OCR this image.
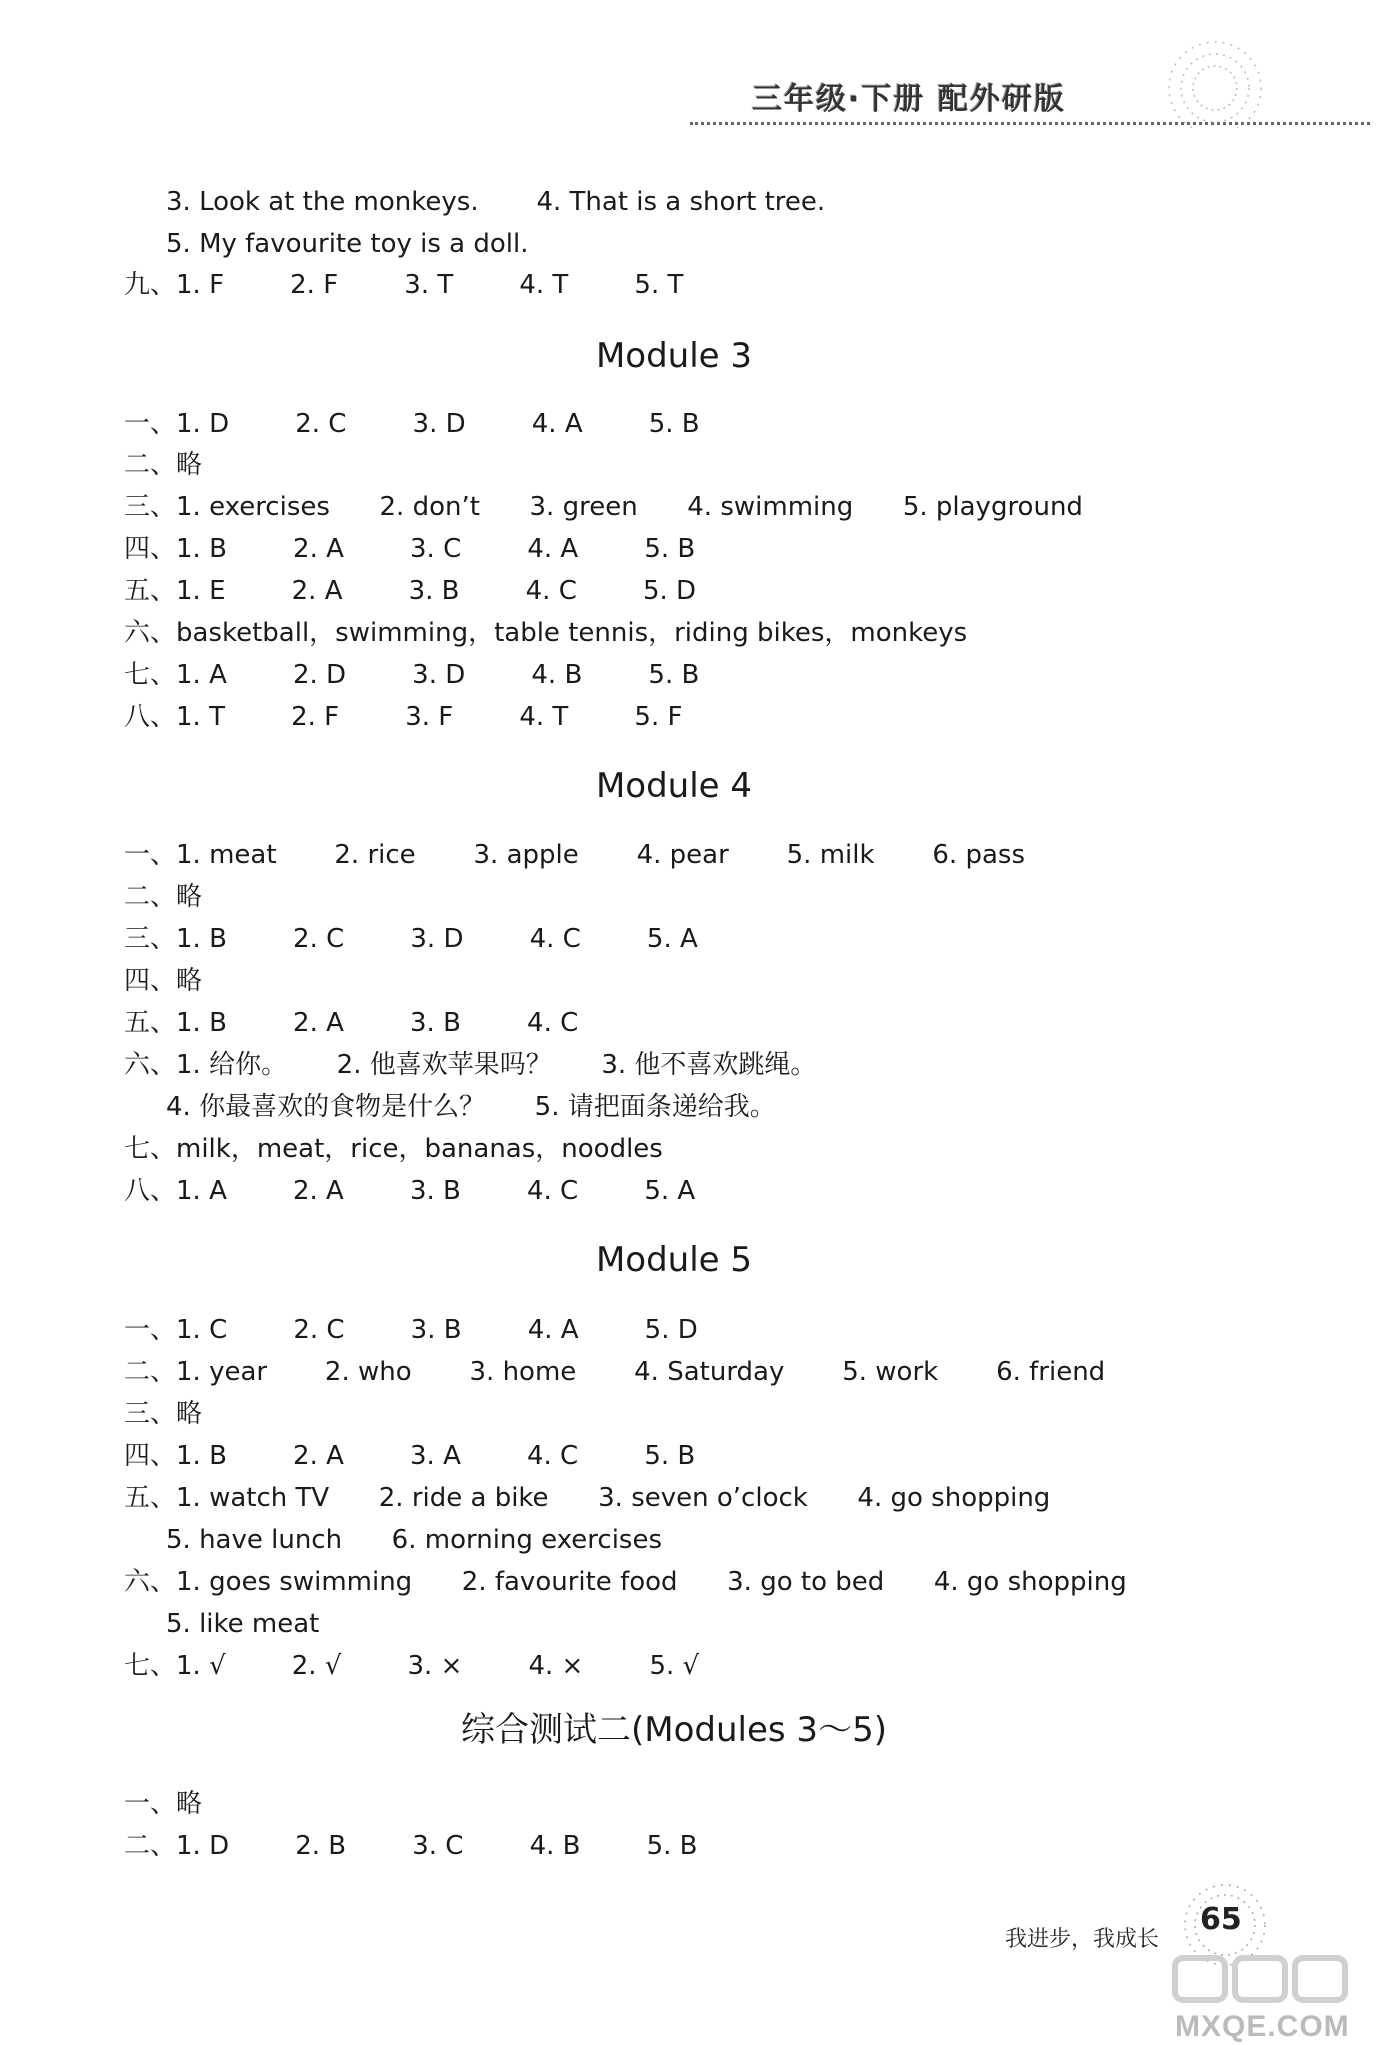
三年级·下册 配外研版
3. Look at the monkeys.       4. That is a short tree.
5. My favourite toy is a doll.
九、1. F        2. F        3. T        4. T        5. T
一、1. D        2. C        3. D        4. A        5. B
二、略
三、1. exercises      2. don’t      3. green      4. swimming      5. playground
四、1. B        2. A        3. C        4. A        5. B
五、1. E        2. A        3. B        4. C        5. D
六、basketball，swimming，table tennis，riding bikes，monkeys
七、1. A        2. D        3. D        4. B        5. B
八、1. T        2. F        3. F        4. T        5. F
一、1. meat       2. rice       3. apple       4. pear       5. milk       6. pass
二、略
三、1. B        2. C        3. D        4. C        5. A
四、略
五、1. B        2. A        3. B        4. C
六、1. 给你。      2. 他喜欢苹果吗？      3. 他不喜欢跳绳。
4. 你最喜欢的食物是什么？      5. 请把面条递给我。
七、milk，meat，rice，bananas，noodles
八、1. A        2. A        3. B        4. C        5. A
一、1. C        2. C        3. B        4. A        5. D
二、1. year       2. who       3. home       4. Saturday       5. work       6. friend
三、略
四、1. B        2. A        3. A        4. C        5. B
五、1. watch TV      2. ride a bike      3. seven o’clock      4. go shopping
5. have lunch      6. morning exercises
六、1. goes swimming      2. favourite food      3. go to bed      4. go shopping
5. like meat
七、1. √        2. √        3. ×        4. ×        5. √
一、略
二、1. D        2. B        3. C        4. B        5. B
Module 3
Module 4
Module 5
综合测试二(Modules 3～5)
我进步，我成长
65
MXQE.COM
